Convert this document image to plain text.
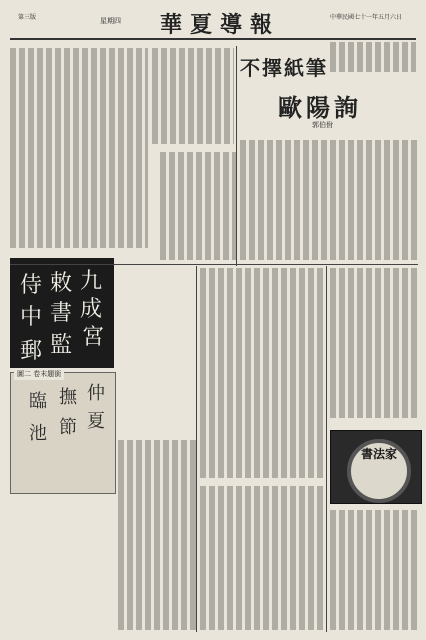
第三版	星期四 華夏導報	中華民國七十一年五月六日
不擇紙筆
歐陽詢
郭伯佾
九
成
宮
敕
書
監
侍
中
郵
仲
夏
撫
節
臨
池
圖二 卷末題銜
書法家
